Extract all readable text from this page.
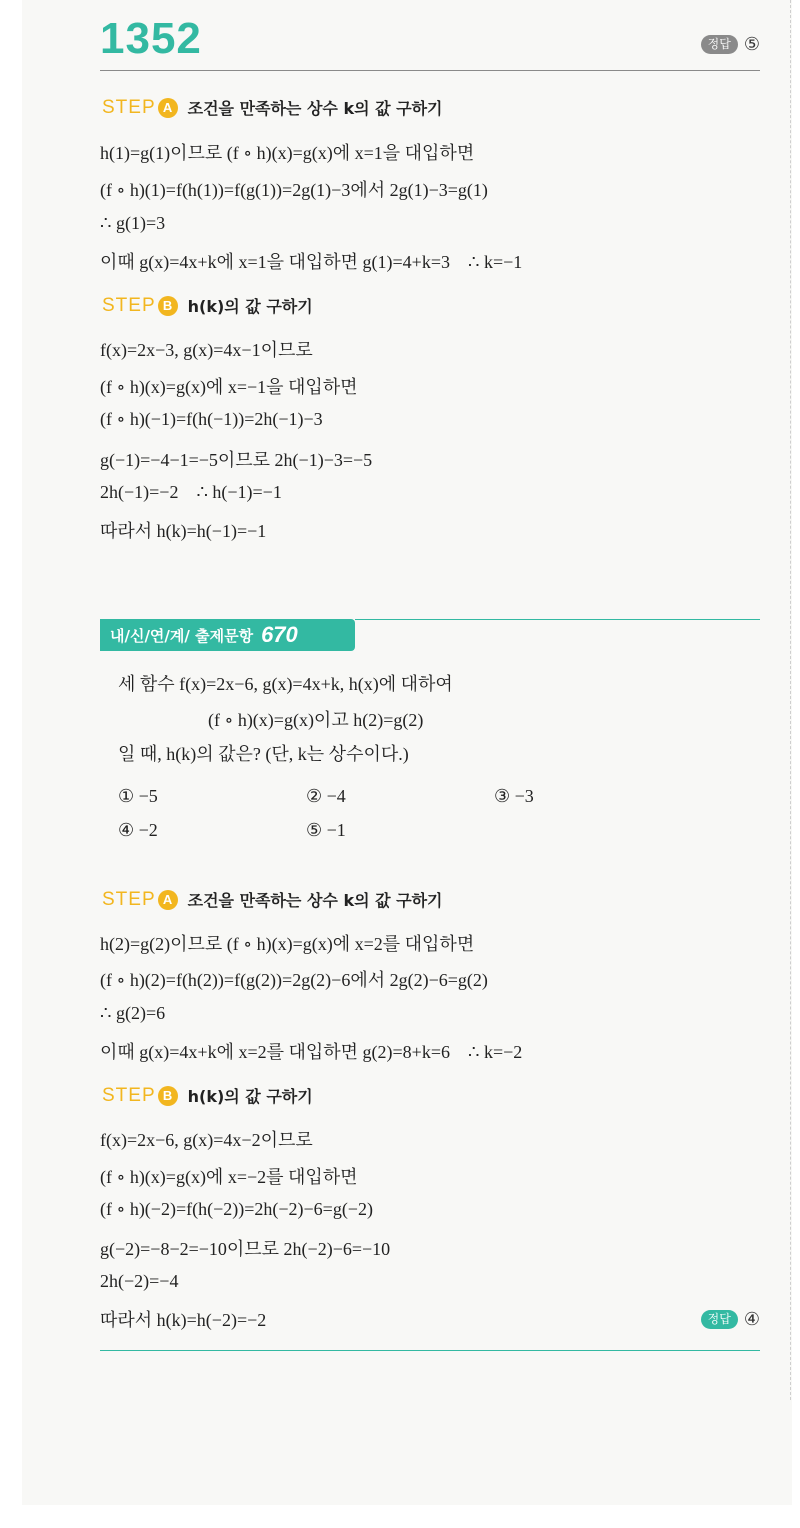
1352	정답 ⑤
STEP A 조건을 만족하는 상수 k의 값 구하기
h(1)=g(1)이므로 (f ∘ h)(x)=g(x)에 x=1을 대입하면
(f ∘ h)(1)=f(h(1))=f(g(1))=2g(1)−3에서 2g(1)−3=g(1)
∴ g(1)=3
이때 g(x)=4x+k에 x=1을 대입하면 g(1)=4+k=3    ∴ k=−1
STEP B h(k)의 값 구하기
f(x)=2x−3, g(x)=4x−1이므로
(f ∘ h)(x)=g(x)에 x=−1을 대입하면
(f ∘ h)(−1)=f(h(−1))=2h(−1)−3
g(−1)=−4−1=−5이므로 2h(−1)−3=−5
2h(−1)=−2    ∴ h(−1)=−1
따라서 h(k)=h(−1)=−1
내/신/연/계/ 출제문항 670
세 함수 f(x)=2x−6, g(x)=4x+k, h(x)에 대하여
(f ∘ h)(x)=g(x)이고 h(2)=g(2)
일 때, h(k)의 값은? (단, k는 상수이다.)
① −5	② −4	③ −3
④ −2	⑤ −1
STEP A 조건을 만족하는 상수 k의 값 구하기
h(2)=g(2)이므로 (f ∘ h)(x)=g(x)에 x=2를 대입하면
(f ∘ h)(2)=f(h(2))=f(g(2))=2g(2)−6에서 2g(2)−6=g(2)
∴ g(2)=6
이때 g(x)=4x+k에 x=2를 대입하면 g(2)=8+k=6    ∴ k=−2
STEP B h(k)의 값 구하기
f(x)=2x−6, g(x)=4x−2이므로
(f ∘ h)(x)=g(x)에 x=−2를 대입하면
(f ∘ h)(−2)=f(h(−2))=2h(−2)−6=g(−2)
g(−2)=−8−2=−10이므로 2h(−2)−6=−10
2h(−2)=−4
따라서 h(k)=h(−2)=−2	정답 ④
